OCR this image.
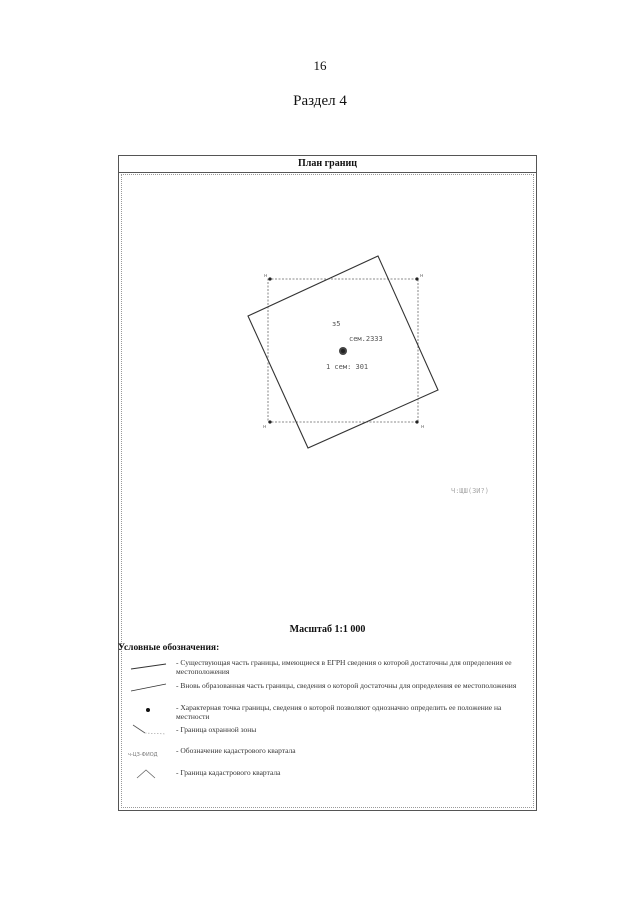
16
Раздел 4
План границ
н	н
н	н
з5
сем.2333
1 сем: 301
Ч:ЩШ(ЗИ?)
Масштаб 1:1 000
Условные обозначения:
- Существующая часть границы, имеющиеся в ЕГРН сведения о которой достаточны для определения ее местоположения
- Вновь образованная часть границы, сведения о которой достаточны для определения ее местоположения
- Характерная точка границы, сведения о которой позволяют однозначно определить ее положение на местности
- Граница охранной зоны
- Обозначение кадастрового квартала
ч-ЦЗ-ФИОД
- Граница кадастрового квартала
